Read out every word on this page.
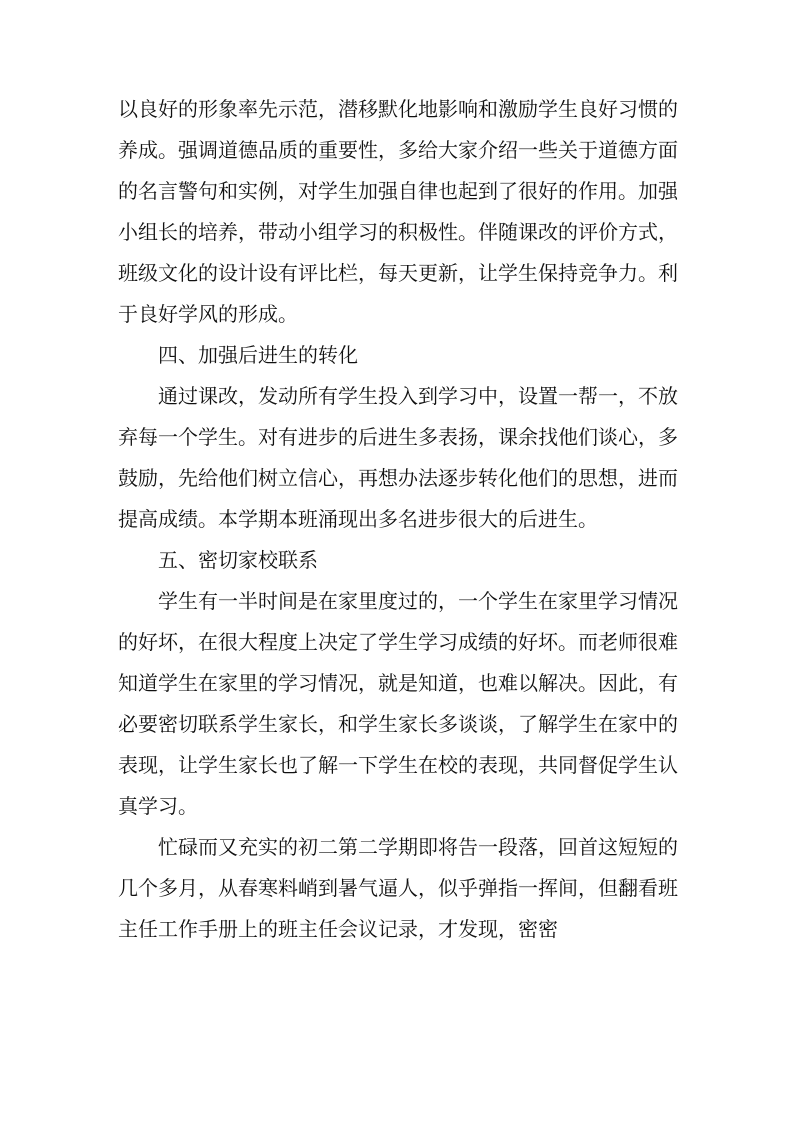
以良好的形象率先示范，潜移默化地影响和激励学生良好习惯的养成。强调道德品质的重要性，多给大家介绍一些关于道德方面的名言警句和实例，对学生加强自律也起到了很好的作用。加强小组长的培养，带动小组学习的积极性。伴随课改的评价方式，班级文化的设计设有评比栏，每天更新，让学生保持竞争力。利于良好学风的形成。

四、加强后进生的转化

通过课改，发动所有学生投入到学习中，设置一帮一，不放弃每一个学生。对有进步的后进生多表扬，课余找他们谈心，多鼓励，先给他们树立信心，再想办法逐步转化他们的思想，进而提高成绩。本学期本班涌现出多名进步很大的后进生。

五、密切家校联系

学生有一半时间是在家里度过的，一个学生在家里学习情况的好坏，在很大程度上决定了学生学习成绩的好坏。而老师很难知道学生在家里的学习情况，就是知道，也难以解决。因此，有必要密切联系学生家长，和学生家长多谈谈，了解学生在家中的表现，让学生家长也了解一下学生在校的表现，共同督促学生认真学习。

忙碌而又充实的初二第二学期即将告一段落，回首这短短的几个多月，从春寒料峭到暑气逼人，似乎弹指一挥间，但翻看班主任工作手册上的班主任会议记录，才发现，密密
